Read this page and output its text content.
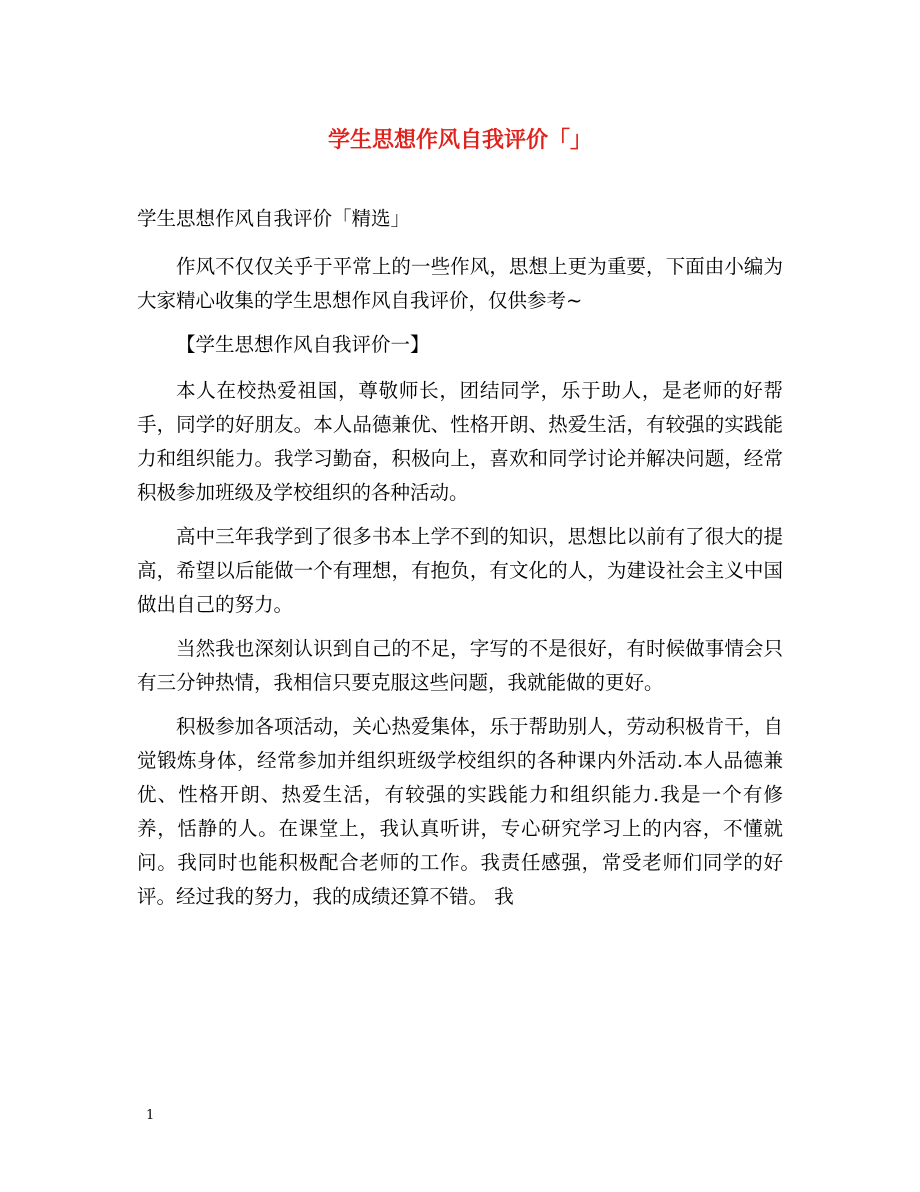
学生思想作风自我评价「」
学生思想作风自我评价「精选」

作风不仅仅关乎于平常上的一些作风，思想上更为重要，下面由小编为大家精心收集的学生思想作风自我评价，仅供参考~

【学生思想作风自我评价一】

本人在校热爱祖国，尊敬师长，团结同学，乐于助人，是老师的好帮手，同学的好朋友。本人品德兼优、性格开朗、热爱生活，有较强的实践能力和组织能力。我学习勤奋，积极向上，喜欢和同学讨论并解决问题，经常积极参加班级及学校组织的各种活动。

高中三年我学到了很多书本上学不到的知识，思想比以前有了很大的提高，希望以后能做一个有理想，有抱负，有文化的人，为建设社会主义中国做出自己的努力。

当然我也深刻认识到自己的不足，字写的不是很好，有时候做事情会只有三分钟热情，我相信只要克服这些问题，我就能做的更好。

积极参加各项活动，关心热爱集体，乐于帮助别人，劳动积极肯干，自觉锻炼身体，经常参加并组织班级学校组织的各种课内外活动.本人品德兼优、性格开朗、热爱生活，有较强的实践能力和组织能力.我是一个有修养，恬静的人。在课堂上，我认真听讲，专心研究学习上的内容，不懂就问。我同时也能积极配合老师的工作。我责任感强，常受老师们同学的好评。经过我的努力，我的成绩还算不错。 我

1
